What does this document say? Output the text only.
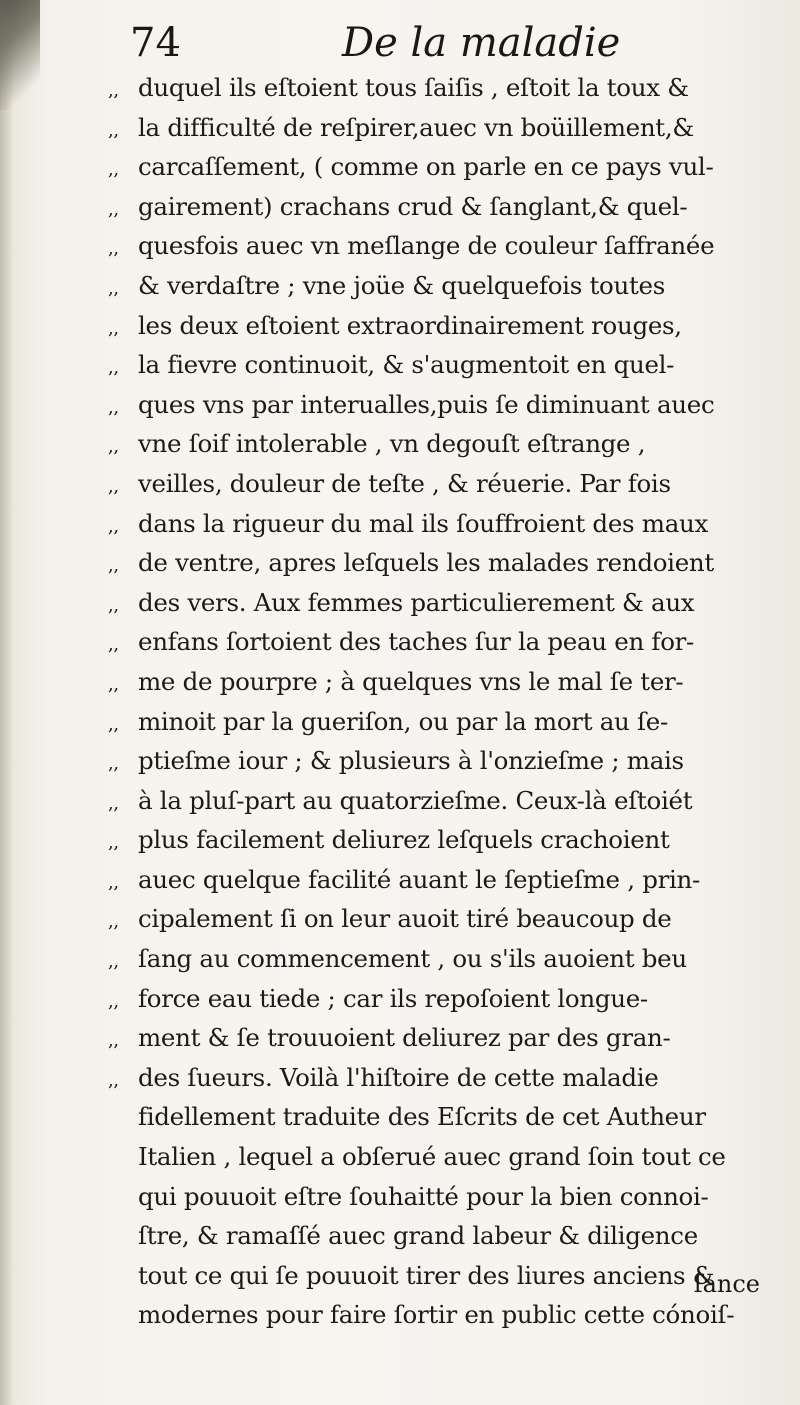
74	De la maladie
,, duquel ils eſtoient tous ſaiſis , eſtoit la toux &
,, la difficulté de reſpirer,auec vn boüillement,&
,, carcaſſement, ( comme on parle en ce pays vul-
,, gairement) crachans crud & ſanglant,& quel-
,, quesfois auec vn meſlange de couleur ſaffranée
,, & verdaſtre ; vne joüe & quelquefois toutes
,, les deux eſtoient extraordinairement rouges,
,, la fievre continuoit, & s'augmentoit en quel-
,, ques vns par interualles,puis ſe diminuant auec
,, vne ſoif intolerable , vn degouſt eſtrange ,
,, veilles, douleur de teſte , & réuerie. Par fois
,, dans la rigueur du mal ils ſouffroient des maux
,, de ventre, apres leſquels les malades rendoient
,, des vers. Aux femmes particulierement & aux
,, enfans ſortoient des taches ſur la peau en for-
,, me de pourpre ; à quelques vns le mal ſe ter-
,, minoit par la gueriſon, ou par la mort au ſe-
,, ptieſme iour ; & plusieurs à l'onzieſme ; mais
,, à la pluſ-part au quatorzieſme. Ceux-là eſtoiét
,, plus facilement deliurez leſquels crachoient
,, auec quelque facilité auant le ſeptieſme , prin-
,, cipalement ſi on leur auoit tiré beaucoup de
,, ſang au commencement , ou s'ils auoient beu
,, force eau tiede ; car ils repoſoient longue-
,, ment & ſe trouuoient deliurez par des gran-
,, des ſueurs. Voilà l'hiſtoire de cette maladie
fidellement traduite des Eſcrits de cet Autheur
Italien , lequel a obſerué auec grand ſoin tout ce
qui pouuoit eſtre ſouhaitté pour la bien connoi-
ſtre, & ramaſſé auec grand labeur & diligence
tout ce qui ſe pouuoit tirer des liures anciens &
modernes pour faire ſortir en public cette cónoiſ-
ſance
